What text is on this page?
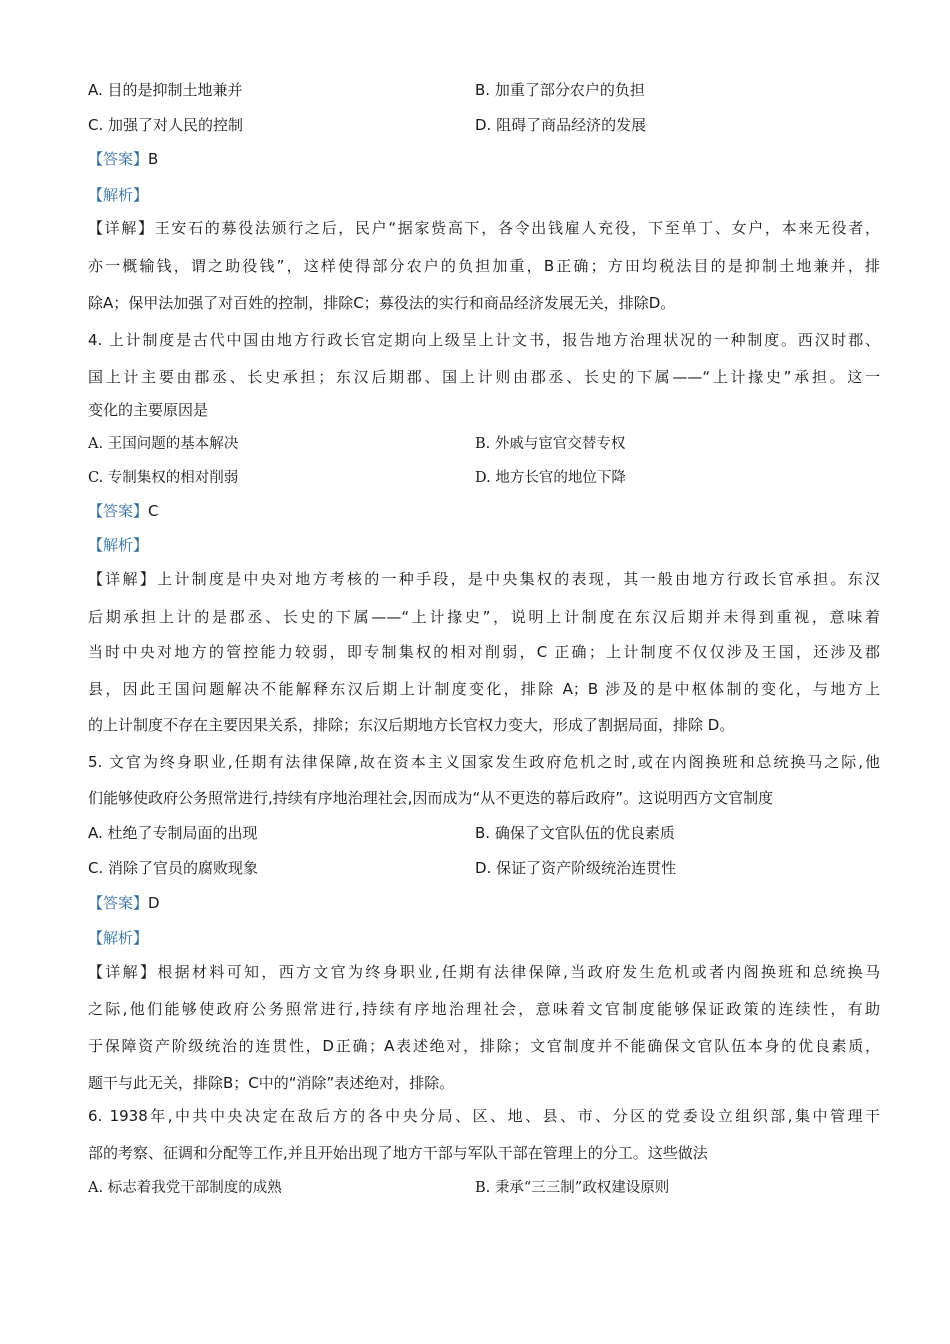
A. 目的是抑制土地兼并	B. 加重了部分农户的负担
C. 加强了对人民的控制	D. 阻碍了商品经济的发展
【答案】B
【解析】
【详解】王安石的募役法颁行之后，民户“据家赀高下，各令出钱雇人充役，下至单丁、女户，本来无役者，
亦一概输钱，谓之助役钱”，这样使得部分农户的负担加重，B正确；方田均税法目的是抑制土地兼并，排
除A；保甲法加强了对百姓的控制，排除C；募役法的实行和商品经济发展无关，排除D。
4. 上计制度是古代中国由地方行政长官定期向上级呈上计文书，报告地方治理状况的一种制度。西汉时郡、
国上计主要由郡丞、长史承担；东汉后期郡、国上计则由郡丞、长史的下属——“上计掾史”承担。这一
变化的主要原因是
A. 王国问题的基本解决	B. 外戚与宦官交替专权
C. 专制集权的相对削弱	D. 地方长官的地位下降
【答案】C
【解析】
【详解】上计制度是中央对地方考核的一种手段，是中央集权的表现，其一般由地方行政长官承担。东汉
后期承担上计的是郡丞、长史的下属——“上计掾史”，说明上计制度在东汉后期并未得到重视，意味着
当时中央对地方的管控能力较弱，即专制集权的相对削弱，C 正确；上计制度不仅仅涉及王国，还涉及郡
县，因此王国问题解决不能解释东汉后期上计制度变化，排除 A；B 涉及的是中枢体制的变化，与地方上
的上计制度不存在主要因果关系，排除；东汉后期地方长官权力变大，形成了割据局面，排除 D。
5. 文官为终身职业,任期有法律保障,故在资本主义国家发生政府危机之时,或在内阁换班和总统换马之际,他
们能够使政府公务照常进行,持续有序地治理社会,因而成为“从不更迭的幕后政府”。这说明西方文官制度
A. 杜绝了专制局面的出现	B. 确保了文官队伍的优良素质
C. 消除了官员的腐败现象	D. 保证了资产阶级统治连贯性
【答案】D
【解析】
【详解】根据材料可知，西方文官为终身职业,任期有法律保障,当政府发生危机或者内阁换班和总统换马
之际,他们能够使政府公务照常进行,持续有序地治理社会，意味着文官制度能够保证政策的连续性，有助
于保障资产阶级统治的连贯性，D正确；A表述绝对，排除；文官制度并不能确保文官队伍本身的优良素质，
题干与此无关，排除B；C中的“消除”表述绝对，排除。
6. 1938年,中共中央决定在敌后方的各中央分局、区、地、县、市、分区的党委设立组织部,集中管理干
部的考察、征调和分配等工作,并且开始出现了地方干部与军队干部在管理上的分工。这些做法
A. 标志着我党干部制度的成熟	B. 秉承“三三制”政权建设原则
